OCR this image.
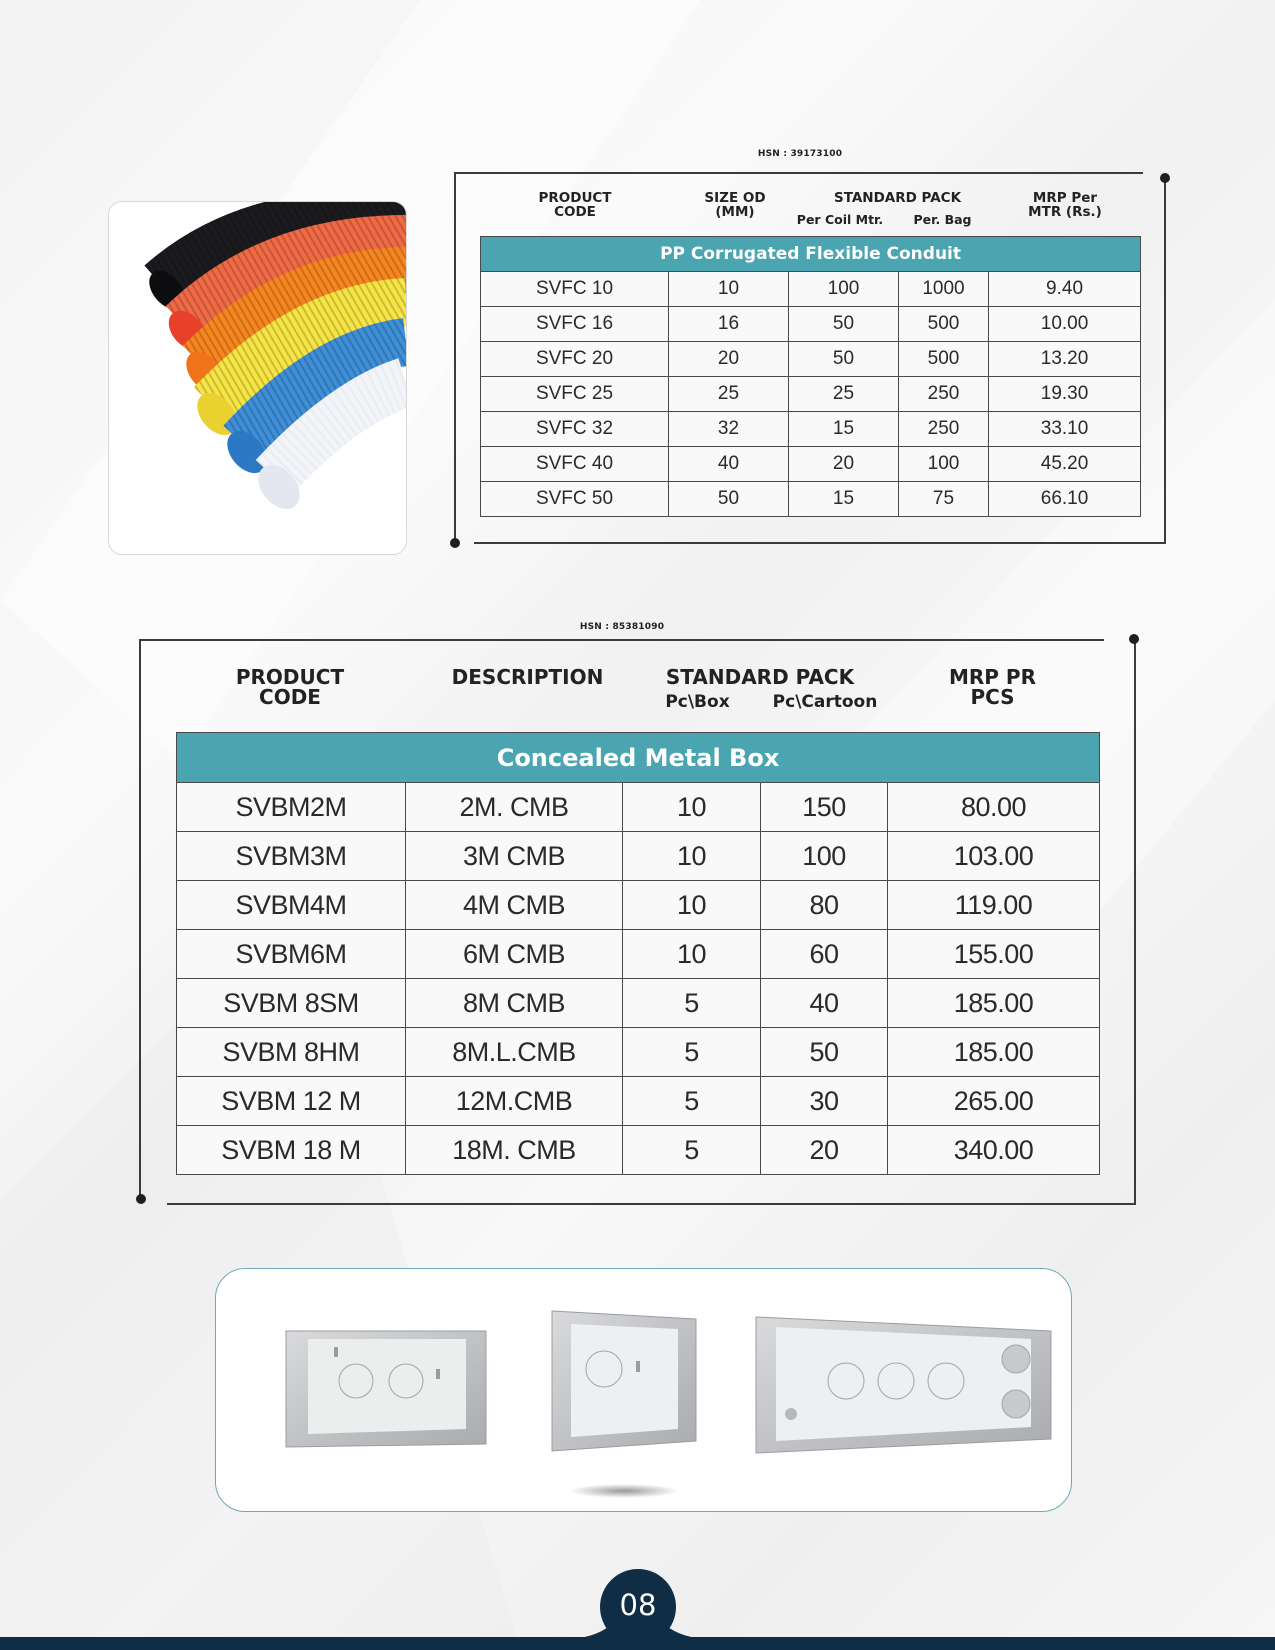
HSN : 39173100
PRODUCT
CODE
SIZE OD
(MM)
STANDARD PACK
Per Coil Mtr.	Per. Bag
MRP Per
MTR (Rs.)
PP Corrugated Flexible Conduit				
SVFC 10	10	100	1000	9.40
SVFC 16	16	50	500	10.00
SVFC 20	20	50	500	13.20
SVFC 25	25	25	250	19.30
SVFC 32	32	15	250	33.10
SVFC 40	40	20	100	45.20
SVFC 50	50	15	75	66.10
HSN : 85381090
PRODUCT
CODE
DESCRIPTION	STANDARD PACK
Pc\Box	Pc\Cartoon
MRP PR
PCS
Concealed Metal Box				
SVBM2M	2M. CMB	10	150	80.00
SVBM3M	3M CMB	10	100	103.00
SVBM4M	4M CMB	10	80	119.00
SVBM6M	6M CMB	10	60	155.00
SVBM 8SM	8M CMB	5	40	185.00
SVBM 8HM	8M.L.CMB	5	50	185.00
SVBM 12 M	12M.CMB	5	30	265.00
SVBM 18 M	18M. CMB	5	20	340.00
08
